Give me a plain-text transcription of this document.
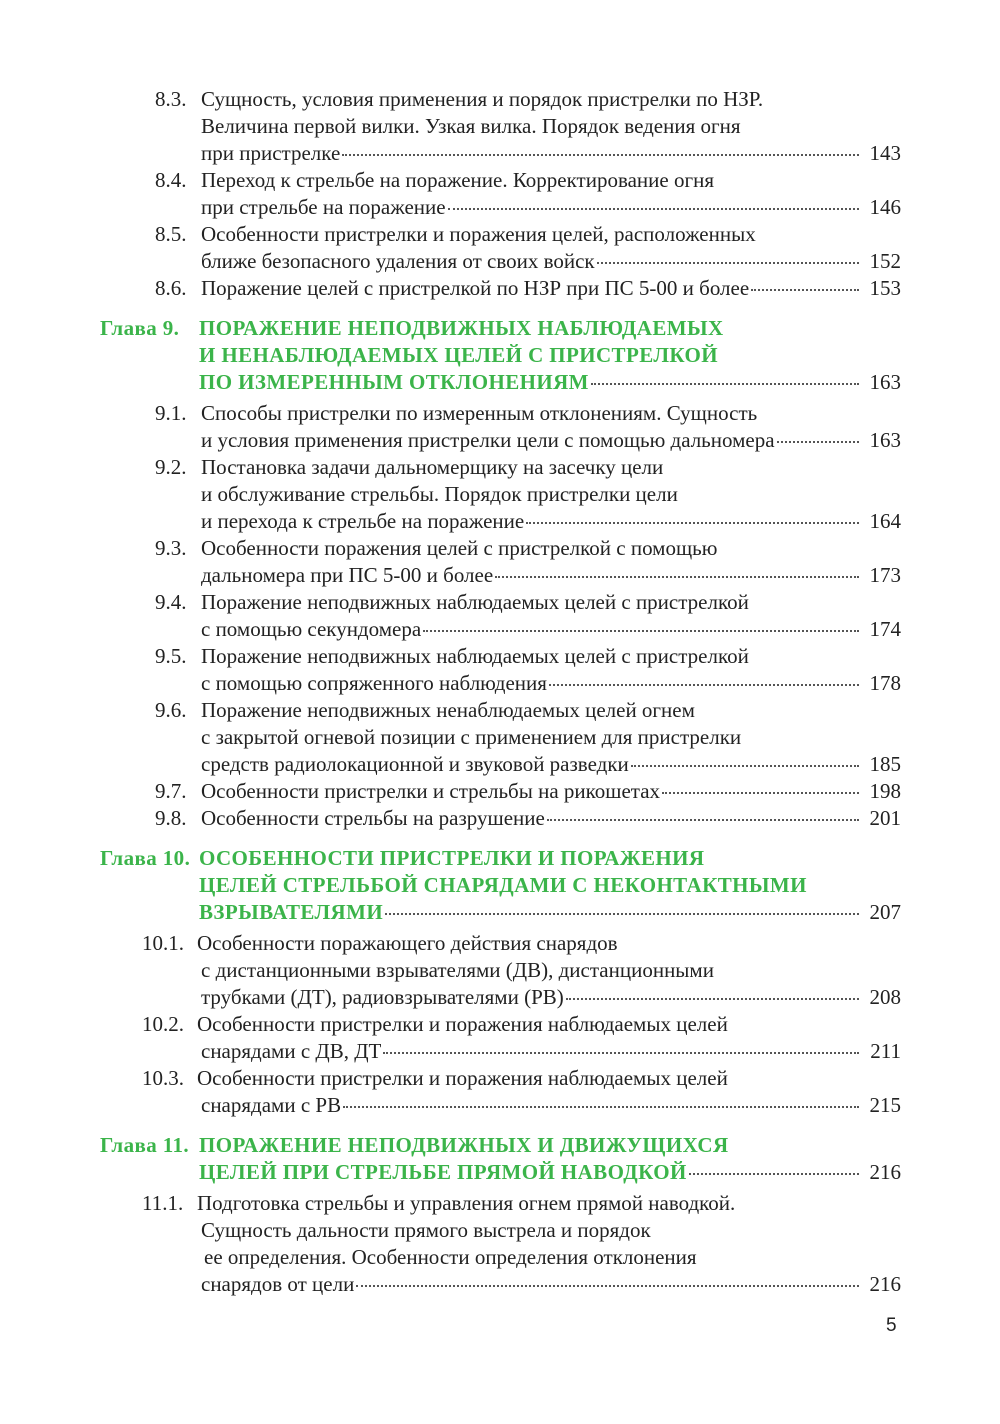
8.3. Сущность, условия применения и порядок пристрелки по НЗР.
Величина первой вилки. Узкая вилка. Порядок ведения огня
при пристрелке	143
8.4. Переход к стрельбе на поражение. Корректирование огня
при стрельбе на поражение	146
8.5. Особенности пристрелки и поражения целей, расположенных
ближе безопасного удаления от своих войск	152
8.6. Поражение целей с пристрелкой по НЗР при ПС 5-00 и более	153
Глава 9. ПОРАЖЕНИЕ НЕПОДВИЖНЫХ НАБЛЮДАЕМЫХ
И НЕНАБЛЮДАЕМЫХ ЦЕЛЕЙ С ПРИСТРЕЛКОЙ
ПО ИЗМЕРЕННЫМ ОТКЛОНЕНИЯМ	163
9.1. Способы пристрелки по измеренным отклонениям. Сущность
и условия применения пристрелки цели с помощью дальномера	163
9.2. Постановка задачи дальномерщику на засечку цели
и обслуживание стрельбы. Порядок пристрелки цели
и перехода к стрельбе на поражение	164
9.3. Особенности поражения целей с пристрелкой с помощью
дальномера при ПС 5-00 и более	173
9.4. Поражение неподвижных наблюдаемых целей с пристрелкой
с помощью секундомера	174
9.5. Поражение неподвижных наблюдаемых целей с пристрелкой
с помощью сопряженного наблюдения	178
9.6. Поражение неподвижных ненаблюдаемых целей огнем
с закрытой огневой позиции с применением для пристрелки
средств радиолокационной и звуковой разведки	185
9.7. Особенности пристрелки и стрельбы на рикошетах	198
9.8. Особенности стрельбы на разрушение	201
Глава 10. ОСОБЕННОСТИ ПРИСТРЕЛКИ И ПОРАЖЕНИЯ
ЦЕЛЕЙ СТРЕЛЬБОЙ СНАРЯДАМИ С НЕКОНТАКТНЫМИ
ВЗРЫВАТЕЛЯМИ	207
10.1. Особенности поражающего действия снарядов
с дистанционными взрывателями (ДВ), дистанционными
трубками (ДТ), радиовзрывателями (РВ)	208
10.2. Особенности пристрелки и поражения наблюдаемых целей
снарядами с ДВ, ДТ	211
10.3. Особенности пристрелки и поражения наблюдаемых целей
снарядами с РВ	215
Глава 11. ПОРАЖЕНИЕ НЕПОДВИЖНЫХ И ДВИЖУЩИХСЯ
ЦЕЛЕЙ ПРИ СТРЕЛЬБЕ ПРЯМОЙ НАВОДКОЙ	216
11.1. Подготовка стрельбы и управления огнем прямой наводкой.
Сущность дальности прямого выстрела и порядок
ее определения. Особенности определения отклонения
снарядов от цели	216
5
